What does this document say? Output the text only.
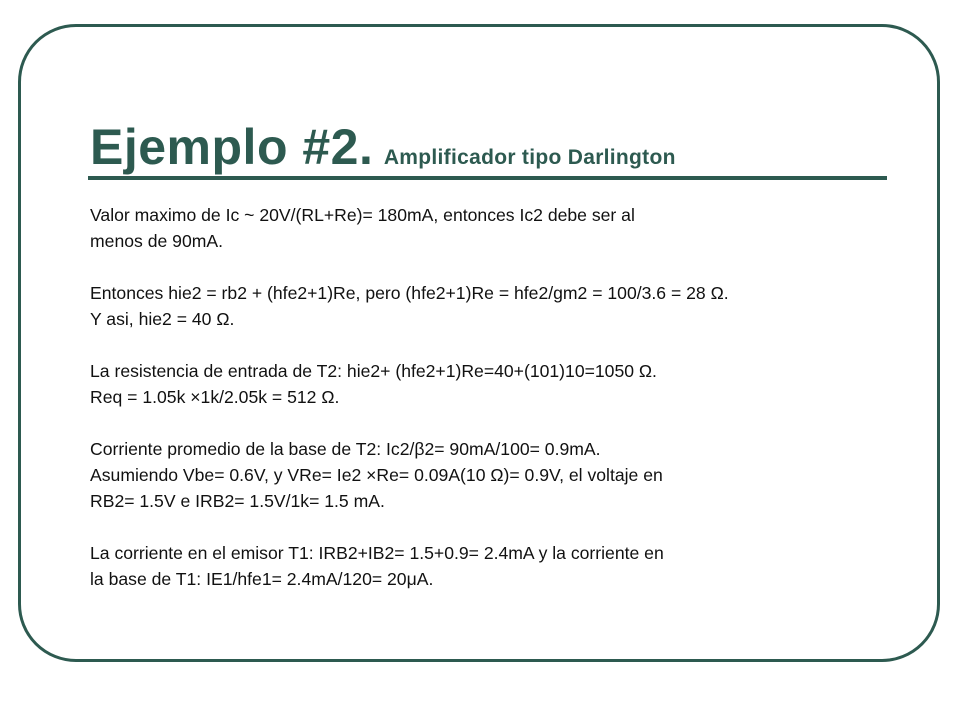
Ejemplo #2. Amplificador tipo Darlington
Valor maximo de Ic ~ 20V/(RL+Re)= 180mA, entonces Ic2 debe ser al
menos de 90mA.
Entonces hie2 = rb2 + (hfe2+1)Re, pero (hfe2+1)Re = hfe2/gm2 = 100/3.6 = 28 Ω.
Y asi, hie2 = 40 Ω.
La resistencia de entrada de T2: hie2+ (hfe2+1)Re=40+(101)10=1050 Ω.
Req = 1.05k ×1k/2.05k = 512 Ω.
Corriente promedio de la base de T2: Ic2/β2= 90mA/100= 0.9mA.
Asumiendo Vbe= 0.6V, y VRe= Ie2 ×Re= 0.09A(10 Ω)= 0.9V, el voltaje en
RB2= 1.5V e IRB2= 1.5V/1k= 1.5 mA.
La corriente en el emisor T1: IRB2+IB2= 1.5+0.9= 2.4mA y la corriente en
la base de T1: IE1/hfe1= 2.4mA/120= 20μA.
